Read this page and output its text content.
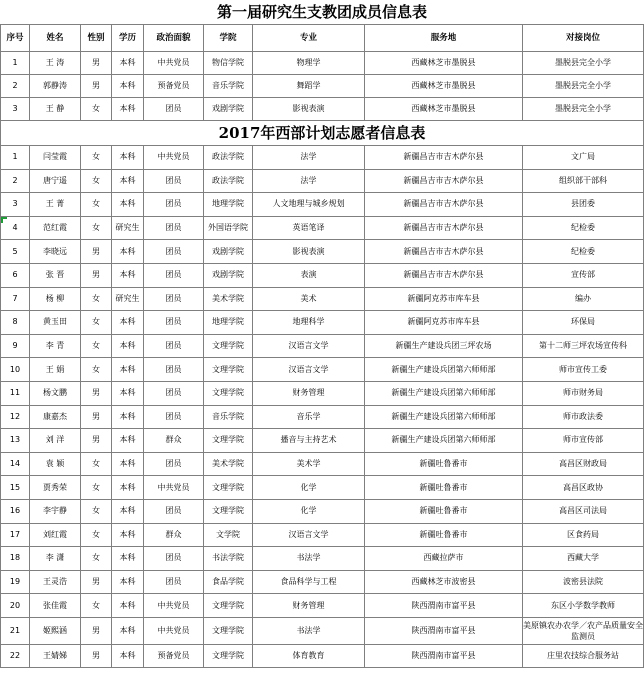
第一届研究生支教团成员信息表								
序号	姓名	性别	学历	政治面貌	学院	专业	服务地	对接岗位
1	王 涛	男	本科	中共党员	物信学院	物理学	西藏林芝市墨脱县	墨脱县完全小学
2	郭静涛	男	本科	预备党员	音乐学院	舞蹈学	西藏林芝市墨脱县	墨脱县完全小学
3	王 静	女	本科	团员	戏剧学院	影视表演	西藏林芝市墨脱县	墨脱县完全小学
2017年西部计划志愿者信息表								
1	闫莹霞	女	本科	中共党员	政法学院	法学	新疆昌吉市吉木萨尔县	文广局
2	唐宁遥	女	本科	团员	政法学院	法学	新疆昌吉市吉木萨尔县	组织部干部科
3	王 菁	女	本科	团员	地理学院	人文地理与城乡规划	新疆昌吉市吉木萨尔县	县团委

4	范红霞	女	研究生	团员	外国语学院	英语笔译	新疆昌吉市吉木萨尔县	纪检委
5	李晓远	男	本科	团员	戏剧学院	影视表演	新疆昌吉市吉木萨尔县	纪检委
6	张 晋	男	本科	团员	戏剧学院	表演	新疆昌吉市吉木萨尔县	宣传部
7	杨 柳	女	研究生	团员	美术学院	美术	新疆阿克苏市库车县	编办
8	黄玉田	女	本科	团员	地理学院	地理科学	新疆阿克苏市库车县	环保局
9	李 青	女	本科	团员	文理学院	汉语言文学	新疆生产建设兵团三坪农场	第十二师三坪农场宣传科
10	王 娟	女	本科	团员	文理学院	汉语言文学	新疆生产建设兵团第六师师部	师市宣传工委
11	杨文鹏	男	本科	团员	文理学院	财务管理	新疆生产建设兵团第六师师部	师市财务局
12	康嘉杰	男	本科	团员	音乐学院	音乐学	新疆生产建设兵团第六师师部	师市政法委
13	刘 洋	男	本科	群众	文理学院	播音与主持艺术	新疆生产建设兵团第六师师部	师市宣传部
14	袁 颖	女	本科	团员	美术学院	美术学	新疆吐鲁番市	高昌区财政局
15	贾秀荣	女	本科	中共党员	文理学院	化学	新疆吐鲁番市	高昌区政协
16	李宇静	女	本科	团员	文理学院	化学	新疆吐鲁番市	高昌区司法局
17	刘红霞	女	本科	群众	文学院	汉语言文学	新疆吐鲁番市	区食药局
18	李 潇	女	本科	团员	书法学院	书法学	西藏拉萨市	西藏大学
19	王灵浩	男	本科	团员	食品学院	食品科学与工程	西藏林芝市波密县	波密县法院
20	张佳霞	女	本科	中共党员	文理学院	财务管理	陕西渭南市富平县	东区小学数学教师
21	姬熙涵	男	本科	中共党员	文理学院	书法学	陕西渭南市富平县	美原镇农办农学／农产品质量安全监测员
22	王婧娣	男	本科	预备党员	文理学院	体育教育	陕西渭南市富平县	庄里农技综合服务站
